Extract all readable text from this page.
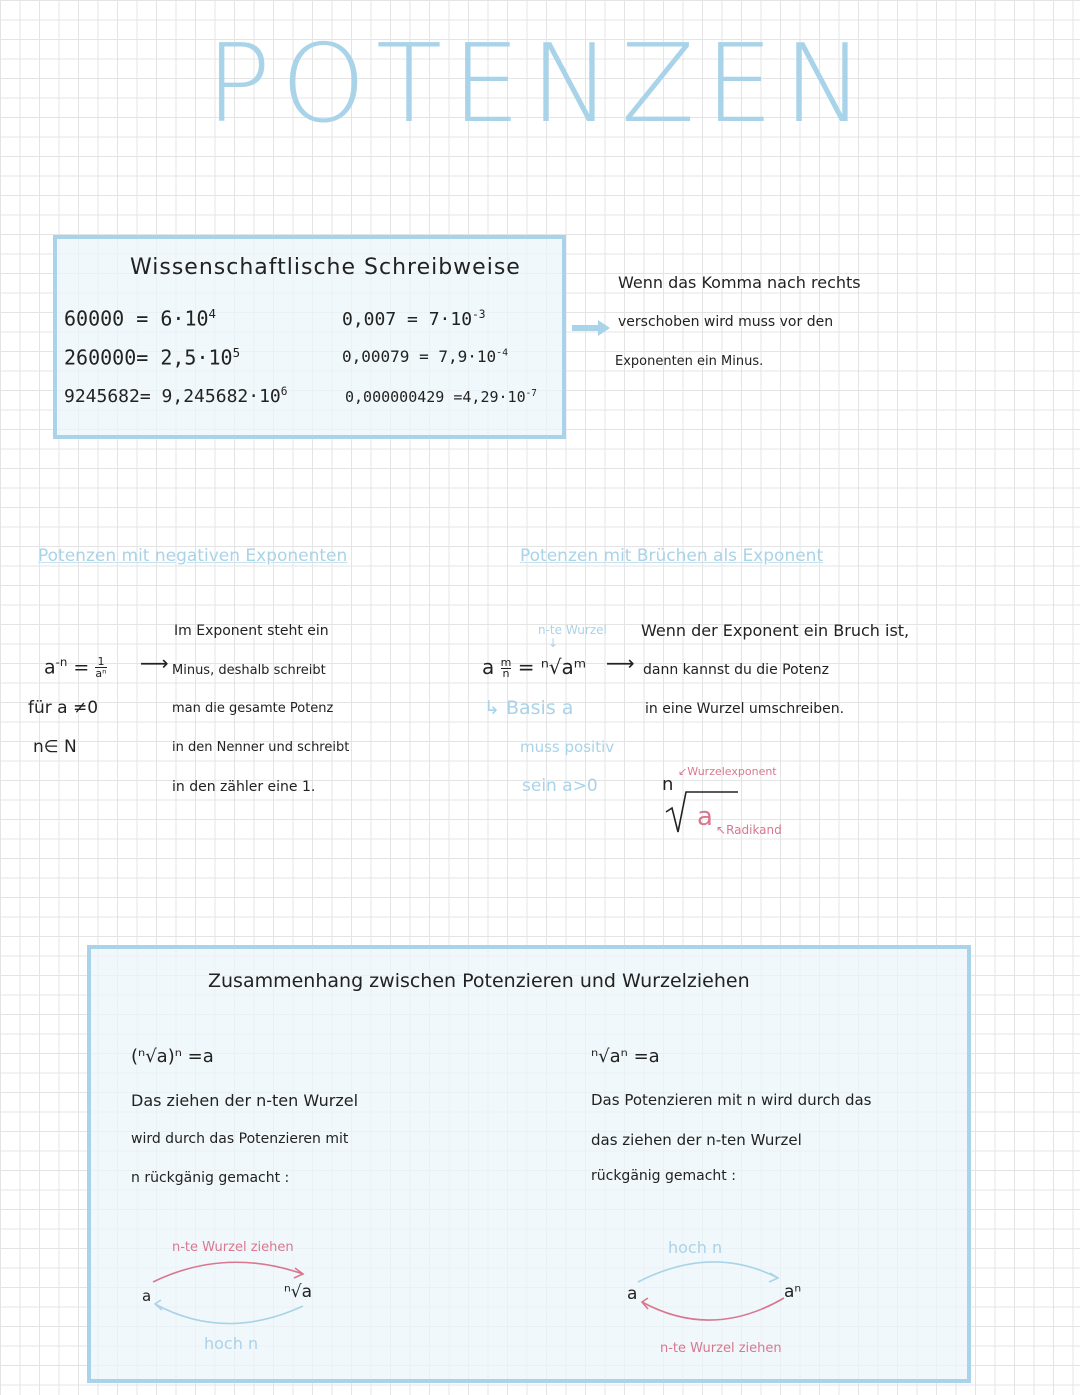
POTENZEN
Wissenschaftlische Schreibweise
$60000 = 6\cdot 10^4$
$260000= 2,5\cdot 10^5$
$9245682= 9,245682\cdot 10^6$
$0,007 = 7\cdot 10^{-3}$
$0,00079 = 7,9\cdot 10^{-4}$
$0,000000429 =4,29\cdot 10^{-7}$
Wenn das Komma nach rechts
verschoben wird muss vor den
Exponenten ein Minus.
Potenzen mit negativen Exponenten
$a^{-n} = \frac{1}{\text{aⁿ}}$ ⟶
für a ≠0
n∈ N
Im Exponent steht ein
Minus, deshalb schreibt
man die gesamte Potenz
in den Nenner und schreibt
in den zähler eine 1.
Potenzen mit Brüchen als Exponent
n-te Wurzel
↓
a $\frac{m}{n}$ = ⁿ√aᵐ ⟶
↳ Basis a
muss positiv
sein a>0
Wenn der Exponent ein Bruch ist,
dann kannst du die Potenz
in eine Wurzel umschreiben.
n
↙Wurzelexponent
a ↖Radikand
Zusammenhang zwischen Potenzieren und Wurzelziehen
(ⁿ√a)ⁿ =a
Das ziehen der n-ten Wurzel
wird durch das Potenzieren mit
n rückgänig gemacht :
ⁿ√aⁿ =a
Das Potenzieren mit n wird durch das
das ziehen der n-ten Wurzel
rückgänig gemacht :
n-te Wurzel ziehen
a	ⁿ√a
hoch n
hoch n
a	aⁿ
n-te Wurzel ziehen
